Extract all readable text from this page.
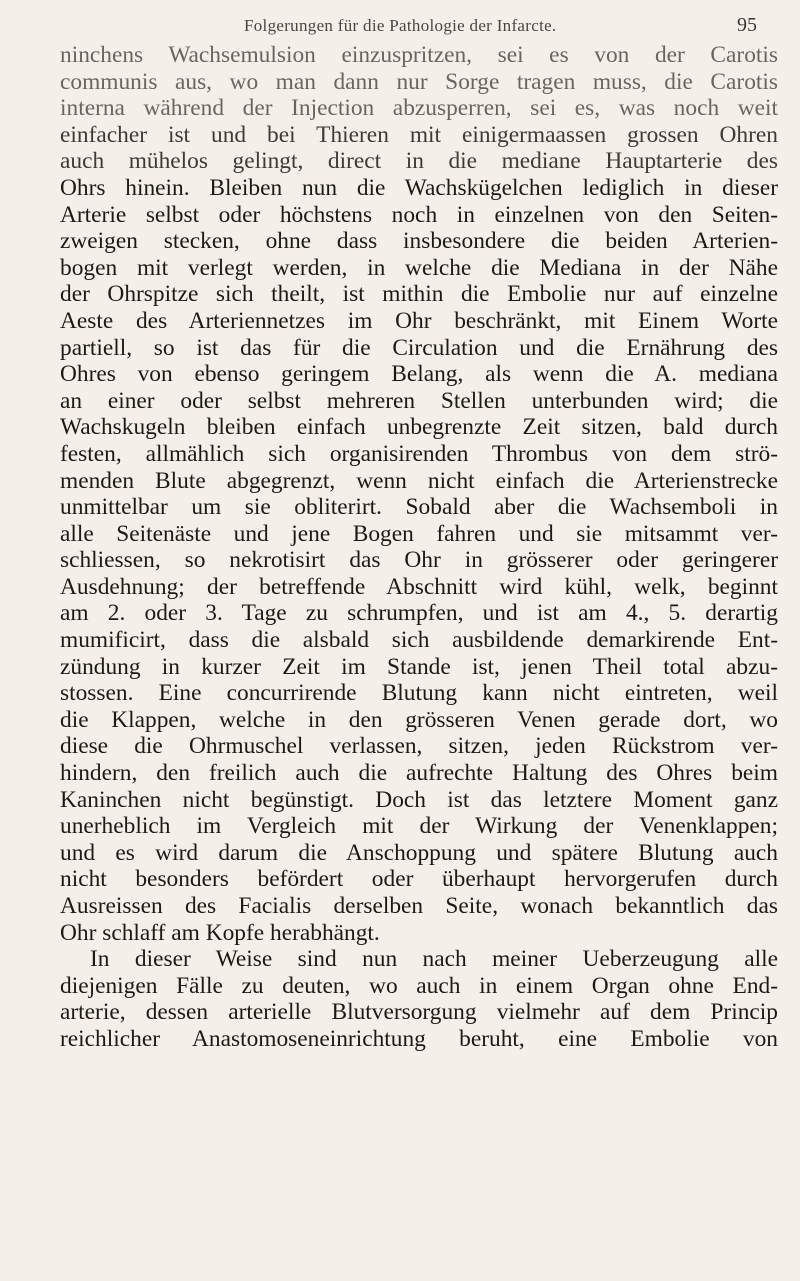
Folgerungen für die Pathologie der Infarcte.	95
ninchens Wachsemulsion einzuspritzen, sei es von der Carotis
communis aus, wo man dann nur Sorge tragen muss, die Carotis
interna während der Injection abzusperren, sei es, was noch weit
einfacher ist und bei Thieren mit einigermaassen grossen Ohren
auch mühelos gelingt, direct in die mediane Hauptarterie des
Ohrs hinein. Bleiben nun die Wachskügelchen lediglich in dieser
Arterie selbst oder höchstens noch in einzelnen von den Seiten-
zweigen stecken, ohne dass insbesondere die beiden Arterien-
bogen mit verlegt werden, in welche die Mediana in der Nähe
der Ohrspitze sich theilt, ist mithin die Embolie nur auf einzelne
Aeste des Arteriennetzes im Ohr beschränkt, mit Einem Worte
partiell, so ist das für die Circulation und die Ernährung des
Ohres von ebenso geringem Belang, als wenn die A. mediana
an einer oder selbst mehreren Stellen unterbunden wird; die
Wachskugeln bleiben einfach unbegrenzte Zeit sitzen, bald durch
festen, allmählich sich organisirenden Thrombus von dem strö-
menden Blute abgegrenzt, wenn nicht einfach die Arterienstrecke
unmittelbar um sie obliterirt. Sobald aber die Wachsemboli in
alle Seitenäste und jene Bogen fahren und sie mitsammt ver-
schliessen, so nekrotisirt das Ohr in grösserer oder geringerer
Ausdehnung; der betreffende Abschnitt wird kühl, welk, beginnt
am 2. oder 3. Tage zu schrumpfen, und ist am 4., 5. derartig
mumificirt, dass die alsbald sich ausbildende demarkirende Ent-
zündung in kurzer Zeit im Stande ist, jenen Theil total abzu-
stossen. Eine concurrirende Blutung kann nicht eintreten, weil
die Klappen, welche in den grösseren Venen gerade dort, wo
diese die Ohrmuschel verlassen, sitzen, jeden Rückstrom ver-
hindern, den freilich auch die aufrechte Haltung des Ohres beim
Kaninchen nicht begünstigt. Doch ist das letztere Moment ganz
unerheblich im Vergleich mit der Wirkung der Venenklappen;
und es wird darum die Anschoppung und spätere Blutung auch
nicht besonders befördert oder überhaupt hervorgerufen durch
Ausreissen des Facialis derselben Seite, wonach bekanntlich das
Ohr schlaff am Kopfe herabhängt.
In dieser Weise sind nun nach meiner Ueberzeugung alle
diejenigen Fälle zu deuten, wo auch in einem Organ ohne End-
arterie, dessen arterielle Blutversorgung vielmehr auf dem Princip
reichlicher Anastomoseneinrichtung beruht, eine Embolie von
